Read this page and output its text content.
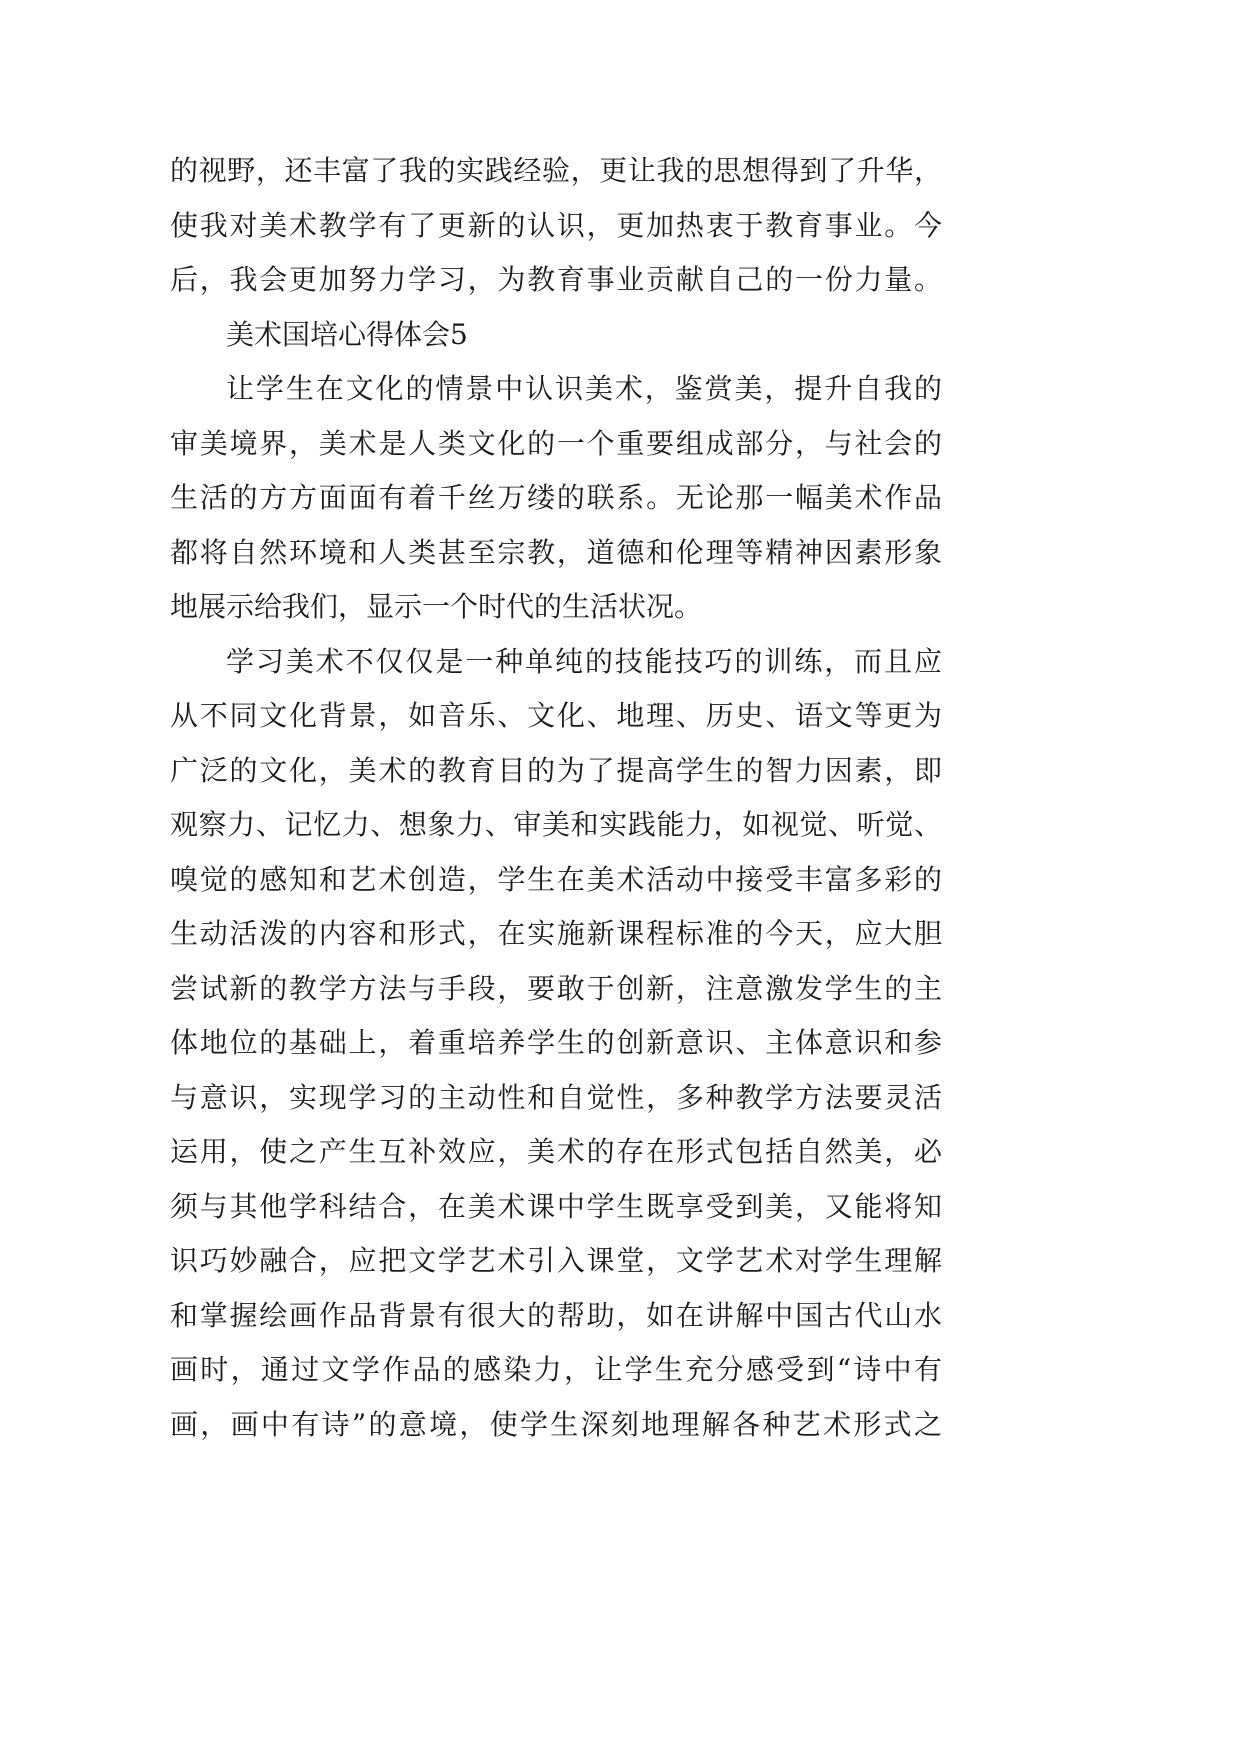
的视野，还丰富了我的实践经验，更让我的思想得到了升华，
使我对美术教学有了更新的认识，更加热衷于教育事业。今
后，我会更加努力学习，为教育事业贡献自己的一份力量。
美术国培心得体会5
让学生在文化的情景中认识美术，鉴赏美，提升自我的
审美境界，美术是人类文化的一个重要组成部分，与社会的
生活的方方面面有着千丝万缕的联系。无论那一幅美术作品
都将自然环境和人类甚至宗教，道德和伦理等精神因素形象
地展示给我们，显示一个时代的生活状况。
学习美术不仅仅是一种单纯的技能技巧的训练，而且应
从不同文化背景，如音乐、文化、地理、历史、语文等更为
广泛的文化，美术的教育目的为了提高学生的智力因素，即
观察力、记忆力、想象力、审美和实践能力，如视觉、听觉、
嗅觉的感知和艺术创造，学生在美术活动中接受丰富多彩的
生动活泼的内容和形式，在实施新课程标准的今天，应大胆
尝试新的教学方法与手段，要敢于创新，注意激发学生的主
体地位的基础上，着重培养学生的创新意识、主体意识和参
与意识，实现学习的主动性和自觉性，多种教学方法要灵活
运用，使之产生互补效应，美术的存在形式包括自然美，必
须与其他学科结合，在美术课中学生既享受到美，又能将知
识巧妙融合，应把文学艺术引入课堂，文学艺术对学生理解
和掌握绘画作品背景有很大的帮助，如在讲解中国古代山水
画时，通过文学作品的感染力，让学生充分感受到“诗中有
画，画中有诗”的意境，使学生深刻地理解各种艺术形式之
